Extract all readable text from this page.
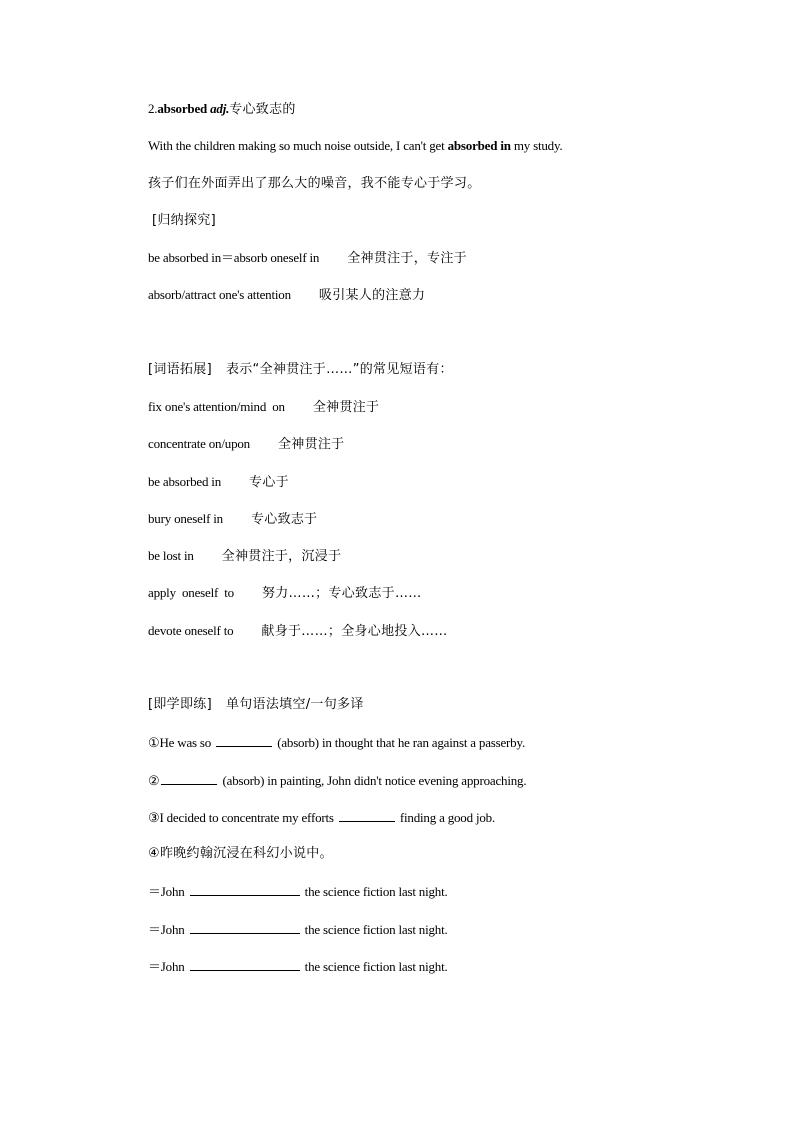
2.absorbed adj.专心致志的
With the children making so much noise outside, I can't get absorbed in my study.
孩子们在外面弄出了那么大的噪音，我不能专心于学习。
[归纳探究]
be absorbed in＝absorb oneself in 全神贯注于，专注于
absorb/attract one's attention 吸引某人的注意力
[词语拓展] 表示“全神贯注于……”的常见短语有：
fix one's attention/mind  on 全神贯注于
concentrate on/upon 全神贯注于
be absorbed in 专心于
bury oneself in 专心致志于
be lost in 全神贯注于，沉浸于
apply  oneself  to 努力……；专心致志于……
devote oneself to 献身于……；全身心地投入……
[即学即练] 单句语法填空/一句多译
①He was so	(absorb) in thought that he ran against a passerby.
②	(absorb) in painting, John didn't notice evening approaching.
③I decided to concentrate my efforts	finding a good job.
④昨晚约翰沉浸在科幻小说中。
＝John	the science fiction last night.
＝John	the science fiction last night.
＝John	the science fiction last night.
